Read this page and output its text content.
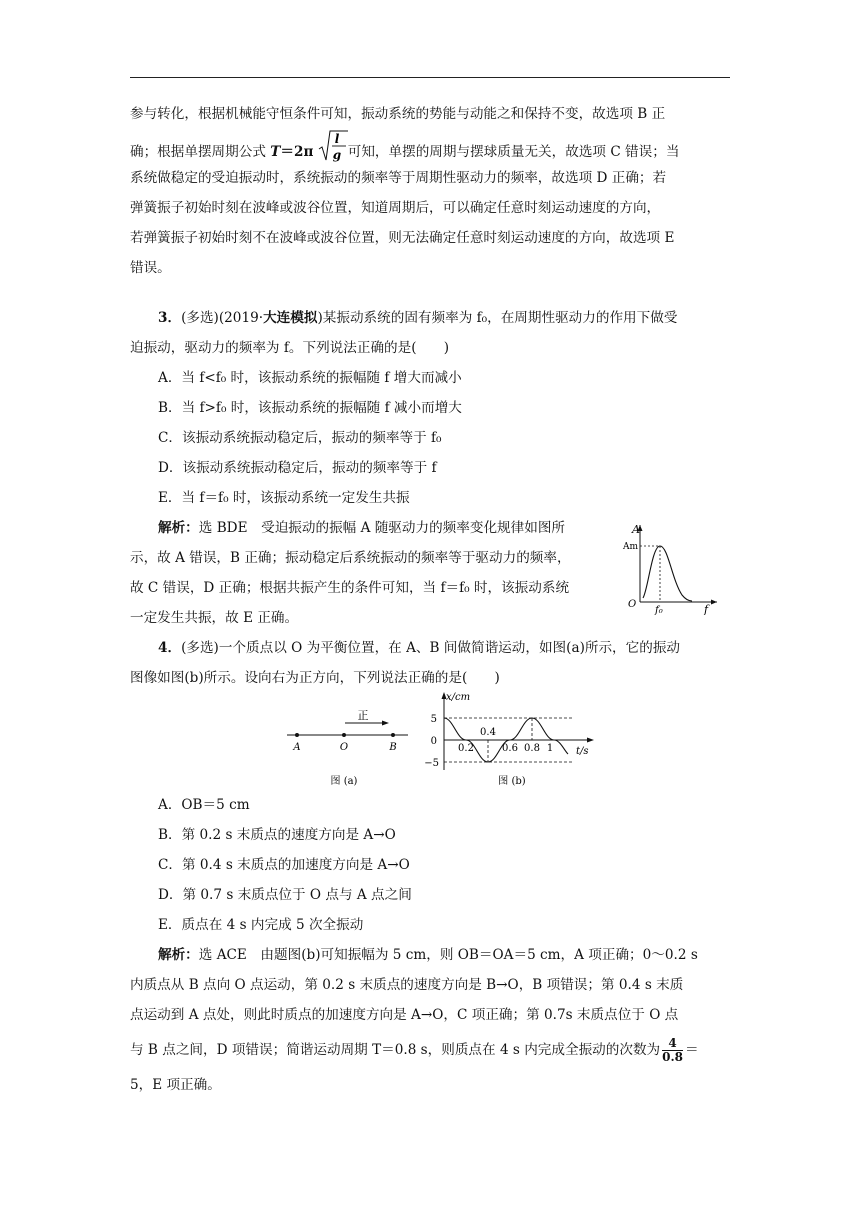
参与转化，根据机械能守恒条件可知，振动系统的势能与动能之和保持不变，故选项 B 正
确；根据单摆周期公式 T＝2π
l
g 可知，单摆的周期与摆球质量无关，故选项 C 错误；当
系统做稳定的受迫振动时，系统振动的频率等于周期性驱动力的频率，故选项 D 正确；若
弹簧振子初始时刻在波峰或波谷位置，知道周期后，可以确定任意时刻运动速度的方向，
若弹簧振子初始时刻不在波峰或波谷位置，则无法确定任意时刻运动速度的方向，故选项 E
错误。
3．(多选)(2019·大连模拟)某振动系统的固有频率为 f₀，在周期性驱动力的作用下做受
迫振动，驱动力的频率为 f。下列说法正确的是(　　)
A．当 f<f₀ 时，该振动系统的振幅随 f 增大而减小
B．当 f>f₀ 时，该振动系统的振幅随 f 减小而增大
C．该振动系统振动稳定后，振动的频率等于 f₀
D．该振动系统振动稳定后，振动的频率等于 f
E．当 f＝f₀ 时，该振动系统一定发生共振
解析：选 BDE　受迫振动的振幅 A 随驱动力的频率变化规律如图所
示，故 A 错误，B 正确；振动稳定后系统振动的频率等于驱动力的频率，
故 C 错误，D 正确；根据共振产生的条件可知，当 f＝f₀ 时，该振动系统
一定发生共振，故 E 正确。
A
Am
O
f₀	f
4．(多选)一个质点以 O 为平衡位置，在 A、B 间做简谐运动，如图(a)所示，它的振动
图像如图(b)所示。设向右为正方向，下列说法正确的是(　　)
正
A	O	B
图 (a)
x/cm
5
0
−5
0.2
0.4
0.6 0.8 1 t/s
图 (b)
A．OB＝5 cm
B．第 0.2 s 末质点的速度方向是 A→O
C．第 0.4 s 末质点的加速度方向是 A→O
D．第 0.7 s 末质点位于 O 点与 A 点之间
E．质点在 4 s 内完成 5 次全振动
解析：选 ACE　由题图(b)可知振幅为 5 cm，则 OB＝OA＝5 cm，A 项正确；0～0.2 s
内质点从 B 点向 O 点运动，第 0.2 s 末质点的速度方向是 B→O，B 项错误；第 0.4 s 末质
点运动到 A 点处，则此时质点的加速度方向是 A→O，C 项正确；第 0.7s 末质点位于 O 点
与 B 点之间，D 项错误；简谐运动周期 T＝0.8 s，则质点在 4 s 内完成全振动的次数为 $\frac{4}{0.8}$ ＝
5，E 项正确。
